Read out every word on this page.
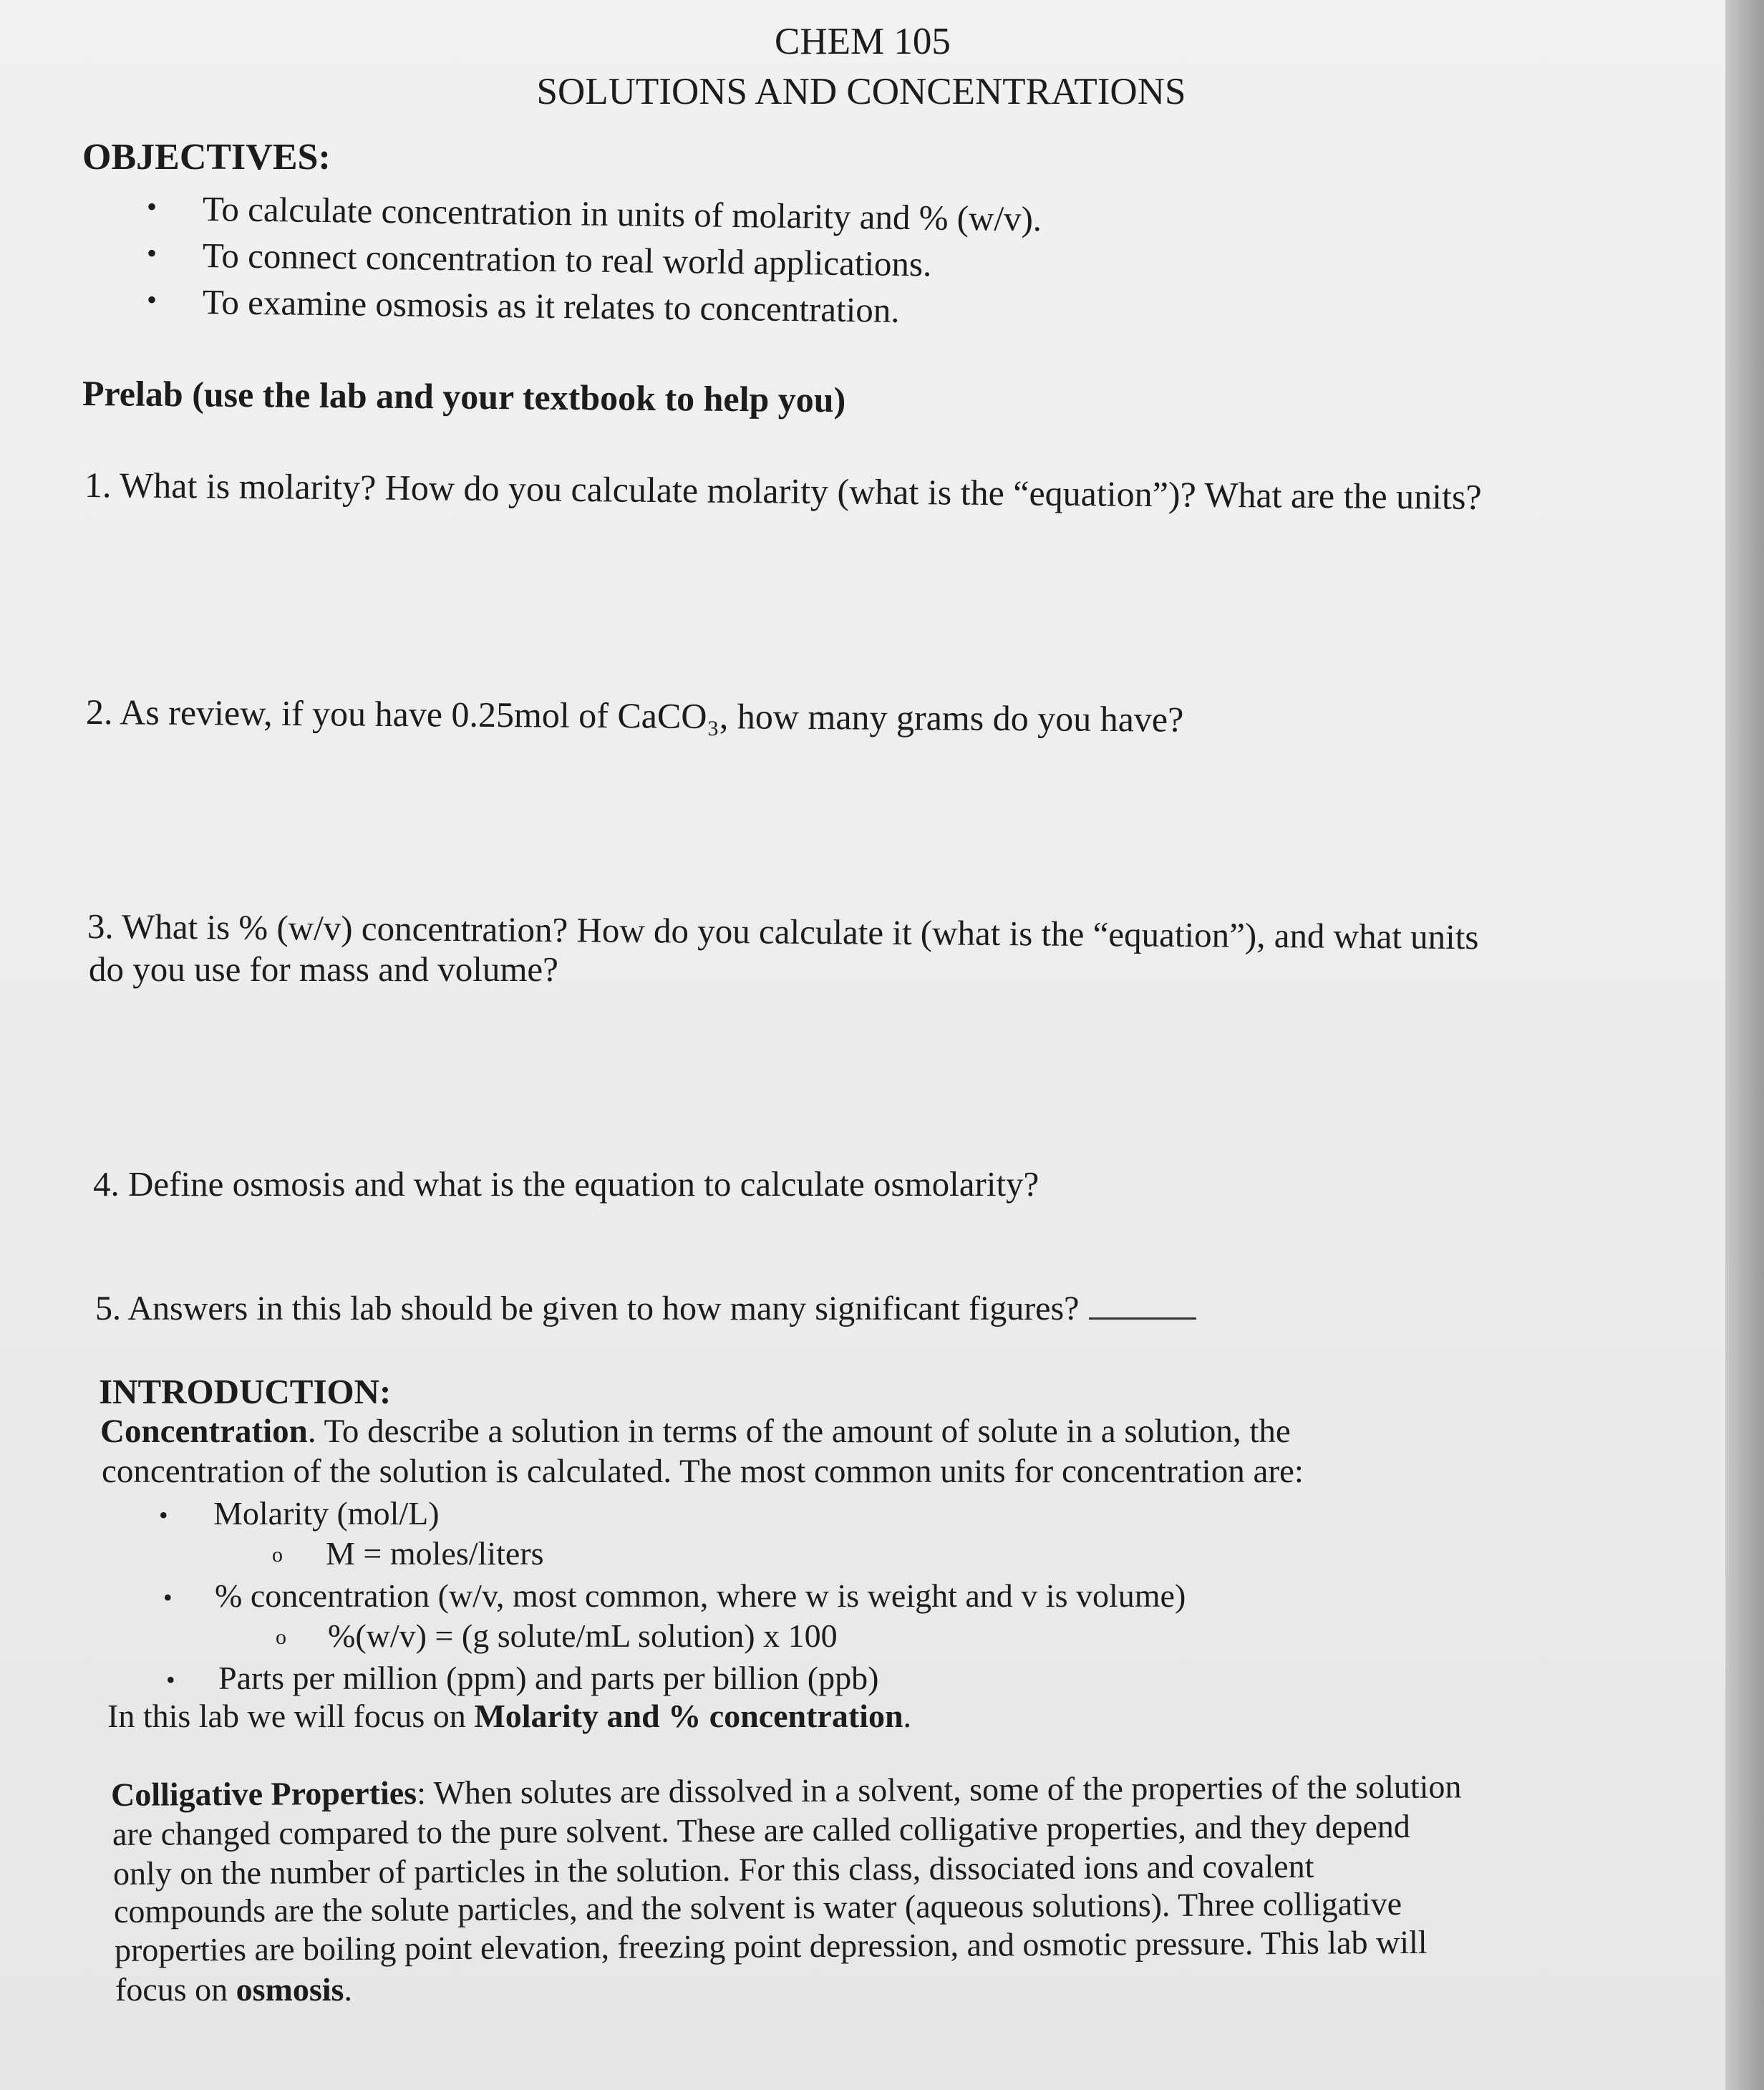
CHEM 105
SOLUTIONS AND CONCENTRATIONS
OBJECTIVES:
• To calculate concentration in units of molarity and % (w/v).
• To connect concentration to real world applications.
• To examine osmosis as it relates to concentration.
Prelab (use the lab and your textbook to help you)
1. What is molarity? How do you calculate molarity (what is the “equation”)? What are the units?
2. As review, if you have 0.25mol of CaCO₃, how many grams do you have?
3. What is % (w/v) concentration? How do you calculate it (what is the “equation”), and what units
do you use for mass and volume?
4. Define osmosis and what is the equation to calculate osmolarity?
5. Answers in this lab should be given to how many significant figures?
INTRODUCTION:
Concentration. To describe a solution in terms of the amount of solute in a solution, the
concentration of the solution is calculated. The most common units for concentration are:
• Molarity (mol/L)
o M = moles/liters
• % concentration (w/v, most common, where w is weight and v is volume)
o %(w/v) = (g solute/mL solution) x 100
• Parts per million (ppm) and parts per billion (ppb)
In this lab we will focus on Molarity and % concentration.
Colligative Properties: When solutes are dissolved in a solvent, some of the properties of the solution
are changed compared to the pure solvent. These are called colligative properties, and they depend
only on the number of particles in the solution. For this class, dissociated ions and covalent
compounds are the solute particles, and the solvent is water (aqueous solutions). Three colligative
properties are boiling point elevation, freezing point depression, and osmotic pressure. This lab will
focus on osmosis.
